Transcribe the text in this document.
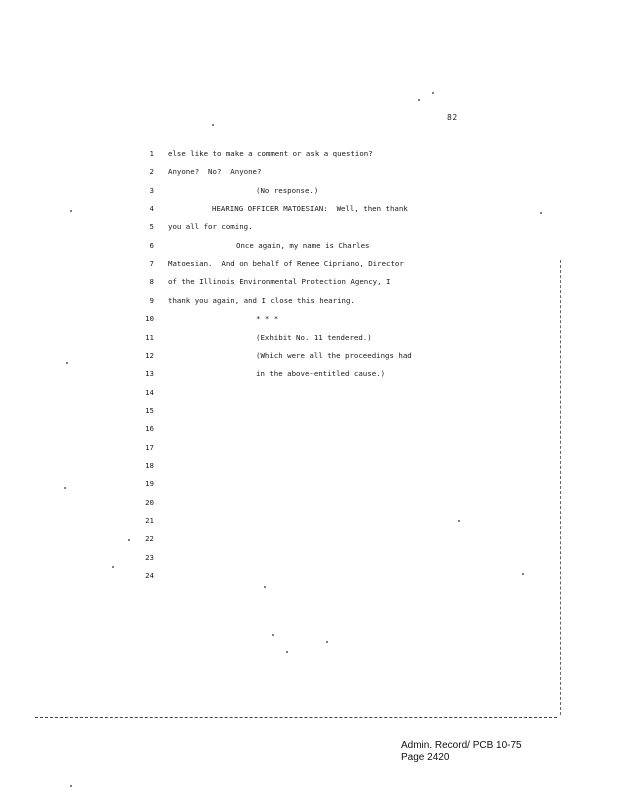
82
1 else like to make a comment or ask a question?
2 Anyone?  No?  Anyone?
3	(No response.)
4	HEARING OFFICER MATOESIAN:  Well, then thank
5 you all for coming.
6	Once again, my name is Charles
7 Matoesian.  And on behalf of Renee Cipriano, Director
8 of the Illinois Environmental Protection Agency, I
9 thank you again, and I close this hearing.
10	* * *
11	(Exhibit No. 11 tendered.)
12	(Which were all the proceedings had
13	in the above-entitled cause.)
14
15
16
17
18
19
20
21
22
23
24
Admin. Record/ PCB 10-75
Page 2420
